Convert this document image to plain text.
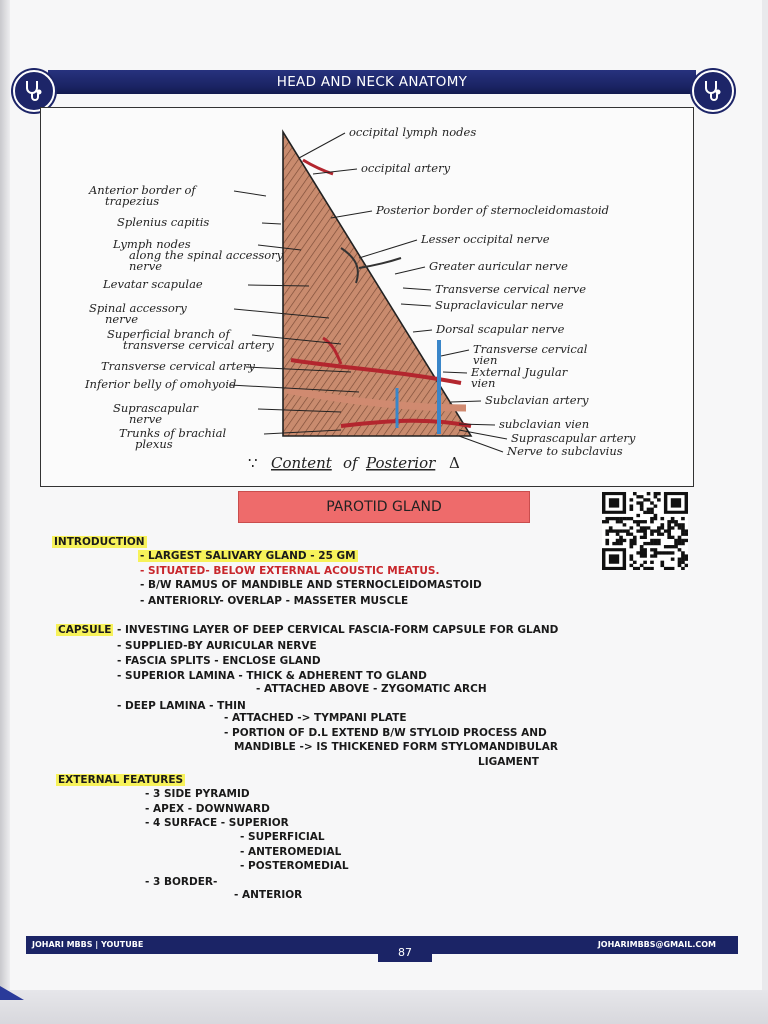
HEAD AND NECK ANATOMY
Anterior border of
trapezius
Splenius capitis
Lymph nodes
along the spinal accessory
nerve
Levatar scapulae
Spinal accessory
nerve
Superficial branch of
transverse cervical artery
Transverse cervical artery
Inferior belly of omohyoid
Suprascapular
nerve
Trunks of brachial
plexus
occipital lymph nodes
occipital artery
Posterior border of sternocleidomastoid
Lesser occipital nerve
Greater auricular nerve
Transverse cervical nerve
Supraclavicular nerve
Dorsal scapular nerve
Transverse cervical
vien
External Jugular
vien
Subclavian artery
subclavian vien
Suprascapular artery
Nerve to subclavius
∵ Content of Posterior Δ
PAROTID GLAND
INTRODUCTION
- LARGEST SALIVARY GLAND - 25 GM
- SITUATED- BELOW EXTERNAL ACOUSTIC MEATUS.
- B/W RAMUS OF MANDIBLE AND STERNOCLEIDOMASTOID
- ANTERIORLY- OVERLAP - MASSETER MUSCLE
CAPSULE - INVESTING LAYER OF DEEP CERVICAL FASCIA-FORM CAPSULE FOR GLAND
- SUPPLIED-BY AURICULAR NERVE
- FASCIA SPLITS - ENCLOSE GLAND
- SUPERIOR LAMINA - THICK & ADHERENT TO GLAND
- ATTACHED ABOVE - ZYGOMATIC ARCH
- DEEP LAMINA - THIN
- ATTACHED -> TYMPANI PLATE
- PORTION OF D.L EXTEND B/W STYLOID PROCESS AND
MANDIBLE -> IS THICKENED FORM STYLOMANDIBULAR
LIGAMENT
EXTERNAL FEATURES
- 3 SIDE PYRAMID
- APEX - DOWNWARD
- 4 SURFACE - SUPERIOR
- SUPERFICIAL
- ANTEROMEDIAL
- POSTEROMEDIAL
- 3 BORDER-
- ANTERIOR
JOHARI MBBS | YOUTUBE	JOHARIMBBS@GMAIL.COM
87
